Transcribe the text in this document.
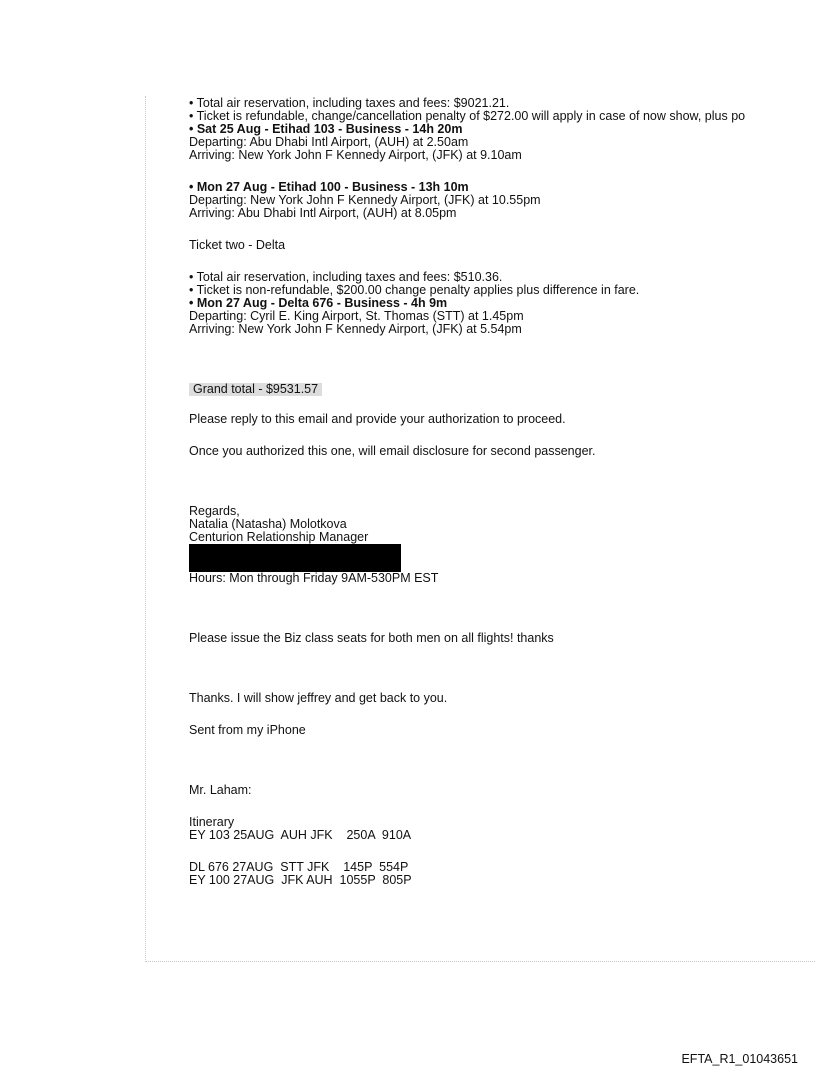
• Total air reservation, including taxes and fees: $9021.21.
• Ticket is refundable, change/cancellation penalty of $272.00 will apply in case of now show, plus po
• Sat 25 Aug - Etihad 103 - Business - 14h 20m
Departing: Abu Dhabi Intl Airport, (AUH) at 2.50am
Arriving: New York John F Kennedy Airport, (JFK) at 9.10am
• Mon 27 Aug - Etihad 100 - Business - 13h 10m
Departing: New York John F Kennedy Airport, (JFK) at 10.55pm
Arriving: Abu Dhabi Intl Airport, (AUH) at 8.05pm
Ticket two - Delta
• Total air reservation, including taxes and fees: $510.36.
• Ticket is non-refundable, $200.00 change penalty applies plus difference in fare.
• Mon 27 Aug - Delta 676 - Business - 4h 9m
Departing: Cyril E. King Airport, St. Thomas (STT) at 1.45pm
Arriving: New York John F Kennedy Airport, (JFK) at 5.54pm
Grand total - $9531.57
Please reply to this email and provide your authorization to proceed.
Once you authorized this one, will email disclosure for second passenger.
Regards,
Natalia (Natasha) Molotkova
Centurion Relationship Manager
Hours: Mon through Friday 9AM-530PM EST
Please issue the Biz class seats for both men on all flights! thanks
Thanks. I will show jeffrey and get back to you.
Sent from my iPhone
Mr. Laham:
Itinerary
EY 103 25AUG  AUH JFK    250A  910A
DL 676 27AUG  STT JFK    145P  554P
EY 100 27AUG  JFK AUH  1055P  805P
EFTA_R1_01043651
